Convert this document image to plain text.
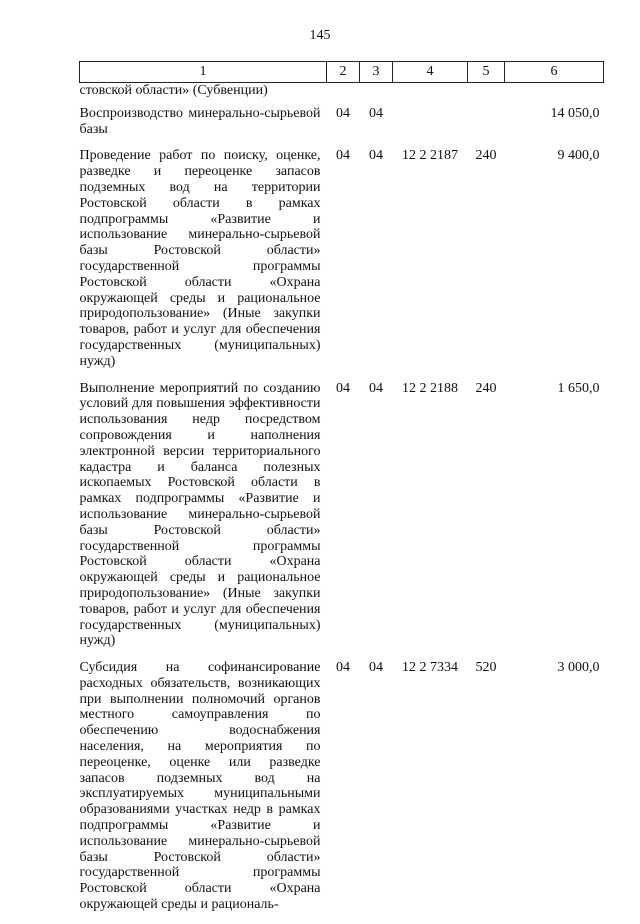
145
1	2	3	4	5	6
стовской области» (Субвенции)					
Воспроизводство минерально-сырьевой базы	04	04			14 050,0
Проведение работ по поиску, оценке, разведке и переоценке запасов подземных вод на территории Ростовской области в рамках подпрограммы «Развитие и использование минерально-сырьевой базы Ростовской области» государственной программы Ростовской области «Охрана окружающей среды и рациональное природопользование» (Иные закупки товаров, работ и услуг для обеспечения государственных (муниципальных) нужд)	04	04	12 2 2187	240	9 400,0
Выполнение мероприятий по созданию условий для повышения эффективности использования недр посредством сопровождения и наполнения электронной версии территориального кадастра и баланса полезных ископаемых Ростовской области в рамках подпрограммы «Развитие и использование минерально-сырьевой базы Ростовской области» государственной программы Ростовской области «Охрана окружающей среды и рациональное природопользование» (Иные закупки товаров, работ и услуг для обеспечения государственных (муниципальных) нужд)	04	04	12 2 2188	240	1 650,0
Субсидия на софинансирование расходных обязательств, возникающих при выполнении полномочий органов местного самоуправления по обеспечению водоснабжения населения, на мероприятия по переоценке, оценке или разведке запасов подземных вод на эксплуатируемых муниципальными образованиями участках недр в рамках подпрограммы «Развитие и использование минерально-сырьевой базы Ростовской области» государственной программы Ростовской области «Охрана окружающей среды и рациональ-	04	04	12 2 7334	520	3 000,0
